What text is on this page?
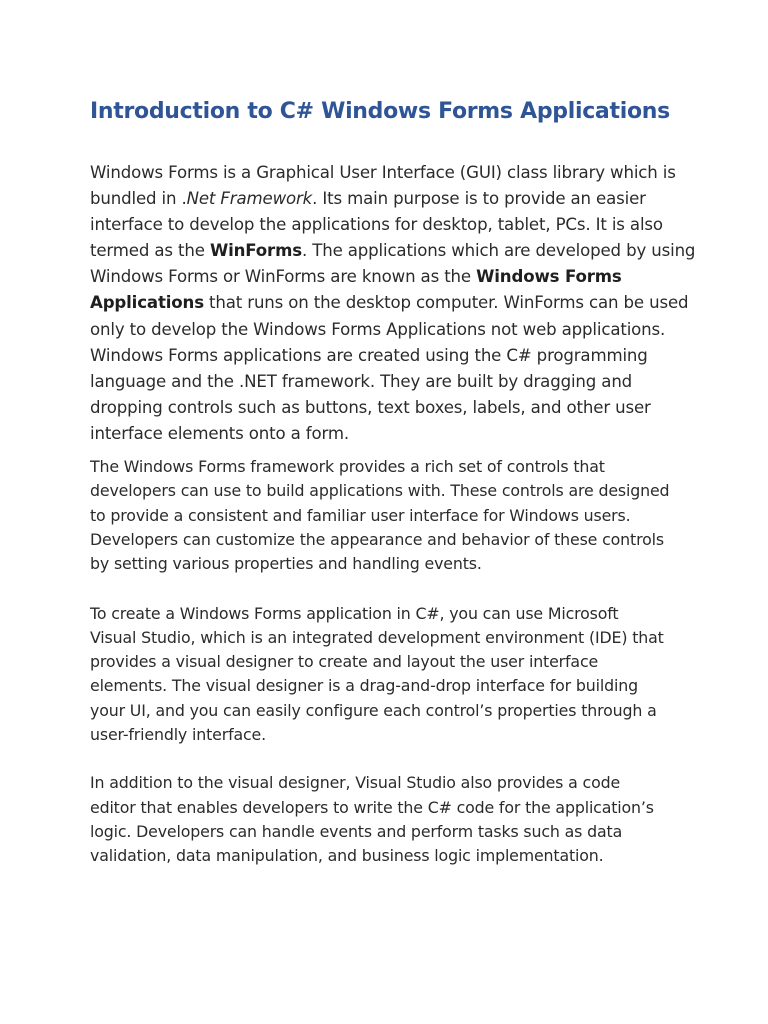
Introduction to C# Windows Forms Applications

Windows Forms is a Graphical User Interface (GUI) class library which is
bundled in .Net Framework. Its main purpose is to provide an easier
interface to develop the applications for desktop, tablet, PCs. It is also
termed as the WinForms. The applications which are developed by using
Windows Forms or WinForms are known as the Windows Forms
Applications that runs on the desktop computer. WinForms can be used
only to develop the Windows Forms Applications not web applications.
Windows Forms applications are created using the C# programming
language and the .NET framework. They are built by dragging and
dropping controls such as buttons, text boxes, labels, and other user
interface elements onto a form.

The Windows Forms framework provides a rich set of controls that
developers can use to build applications with. These controls are designed
to provide a consistent and familiar user interface for Windows users.
Developers can customize the appearance and behavior of these controls
by setting various properties and handling events.

To create a Windows Forms application in C#, you can use Microsoft
Visual Studio, which is an integrated development environment (IDE) that
provides a visual designer to create and layout the user interface
elements. The visual designer is a drag-and-drop interface for building
your UI, and you can easily configure each control’s properties through a
user-friendly interface.

In addition to the visual designer, Visual Studio also provides a code
editor that enables developers to write the C# code for the application’s
logic. Developers can handle events and perform tasks such as data
validation, data manipulation, and business logic implementation.
